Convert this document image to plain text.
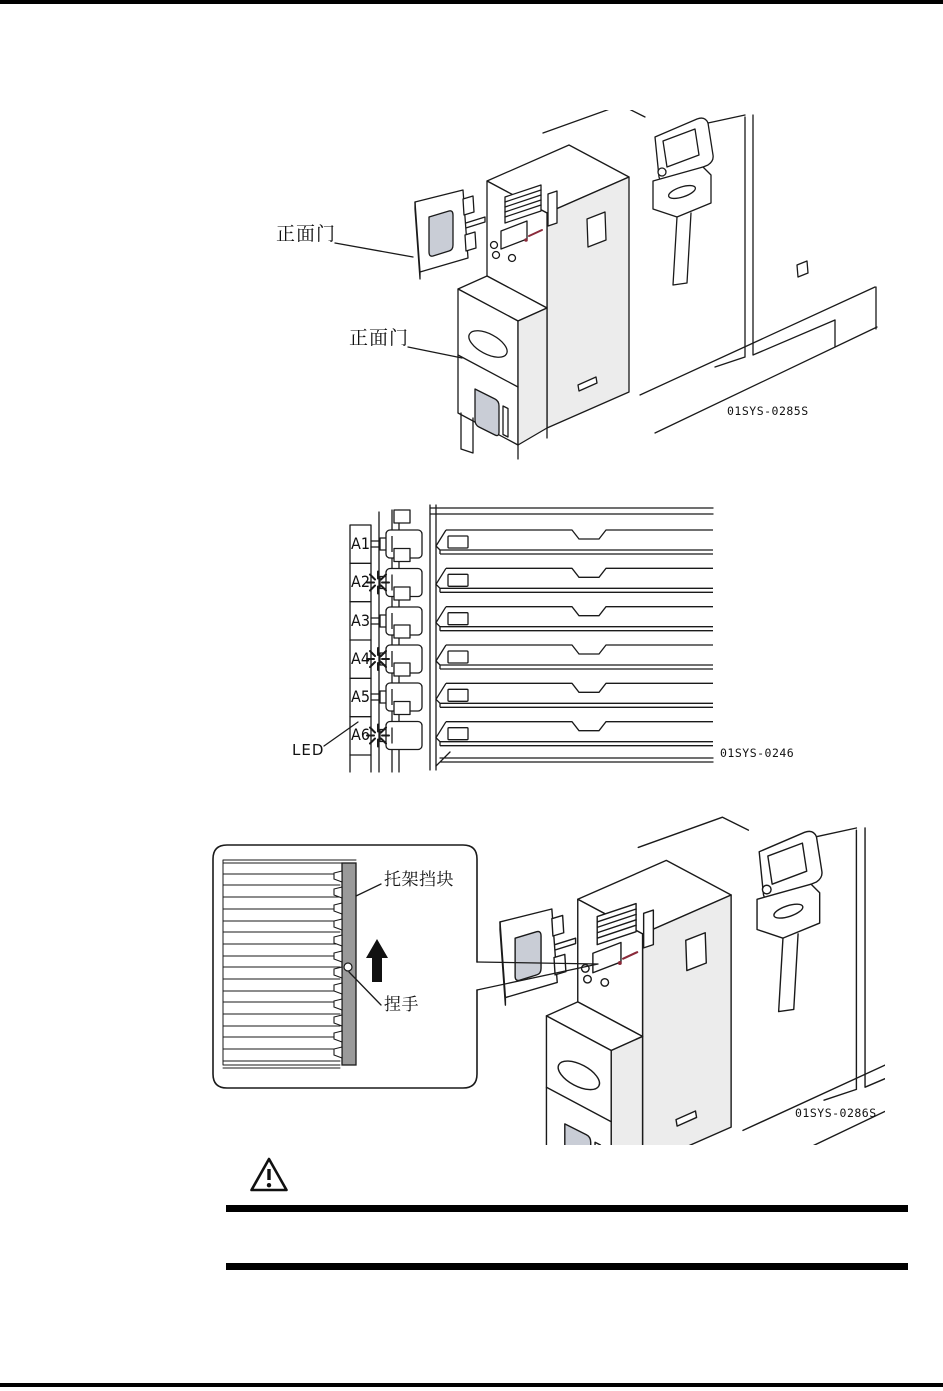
正面门
正面门
01SYS-0285S
A1
A2
A3
A4
A5
A6
LED	01SYS-0246
托架挡块
捏手
01SYS-0286S
